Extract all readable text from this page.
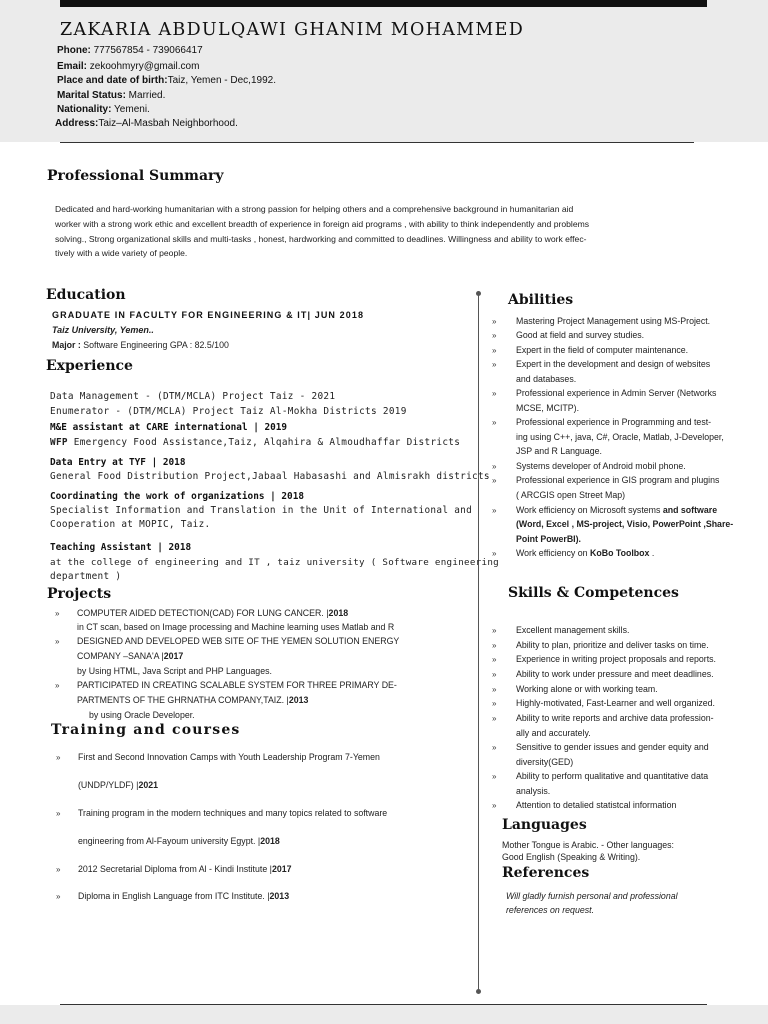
ZAKARIA ABDULQAWI GHANIM MOHAMMED
Phone: 777567854 - 739066417
Email: zekoohmyry@gmail.com
Place and date of birth:Taiz, Yemen - Dec,1992.
Marital Status: Married.
Nationality: Yemeni.
Address:Taiz–Al-Masbah Neighborhood.
Professional Summary
Dedicated and hard-working humanitarian with a strong passion for helping others and a comprehensive background in humanitarian aid
worker with a strong work ethic and excellent breadth of experience in foreign aid programs , with ability to think independently and problems
solving., Strong organizational skills and multi-tasks , honest, hardworking and committed to deadlines. Willingness and ability to work effec-
tively with a wide variety of people.
Education
GRADUATE IN FACULTY FOR ENGINEERING & IT| JUN 2018
Taiz University, Yemen..
Major : Software Engineering GPA : 82.5/100
Experience
Data Management - (DTM/MCLA) Project Taiz - 2021
Enumerator - (DTM/MCLA) Project Taiz Al-Mokha Districts 2019
M&E assistant at CARE international | 2019
WFP Emergency Food Assistance,Taiz, Alqahira & Almoudhaffar Districts
Data Entry at TYF | 2018
General Food Distribution Project,Jabaal Habasashi and Almisrakh districts
Coordinating the work of organizations | 2018
Specialist Information and Translation in the Unit of International and
Cooperation at MOPIC, Taiz.
Teaching Assistant | 2018
at the college of engineering and IT , taiz university ( Software engineering
department )
Projects
» COMPUTER AIDED DETECTION(CAD) FOR LUNG CANCER. |2018
in CT scan, based on Image processing and Machine learning uses Matlab and R
» DESIGNED AND DEVELOPED WEB SITE OF THE YEMEN SOLUTION ENERGY
COMPANY –SANA'A |2017
by Using HTML, Java Script and PHP Languages.
» PARTICIPATED IN CREATING SCALABLE SYSTEM FOR THREE PRIMARY DE-
PARTMENTS OF THE GHRNATHA COMPANY,TAIZ. |2013
by using Oracle Developer.
Training and courses
» First and Second Innovation Camps with Youth Leadership Program 7-Yemen
(UNDP/YLDF) |2021
» Training program in the modern techniques and many topics related to software
engineering from Al-Fayoum university Egypt. |2018
» 2012 Secretarial Diploma from Al - Kindi Institute |2017
» Diploma in English Language from ITC Institute. |2013
Abilities
» Mastering Project Management using MS-Project.
» Good at field and survey studies.
» Expert in the field of computer maintenance.
» Expert in the development and design of websites
and databases.
» Professional experience in Admin Server (Networks
MCSE, MCITP).
» Professional experience in Programming and test-
ing using C++, java, C#, Oracle, Matlab, J-Developer,
JSP and R Language.
» Systems developer of Android mobil phone.
» Professional experience in GIS program and plugins
( ARCGIS open Street Map)
» Work efficiency on Microsoft systems and software
(Word, Excel , MS-project, Visio, PowerPoint ,Share-
Point PowerBI).
» Work efficiency on KoBo Toolbox .
Skills & Competences
» Excellent management skills.
» Ability to plan, prioritize and deliver tasks on time.
» Experience in writing project proposals and reports.
» Ability to work under pressure and meet deadlines.
» Working alone or with working team.
» Highly-motivated, Fast-Learner and well organized.
» Ability to write reports and archive data profession-
ally and accurately.
» Sensitive to gender issues and gender equity and
diversity(GED)
» Ability to perform qualitative and quantitative data
analysis.
» Attention to detalied statistcal information
Languages
Mother Tongue is Arabic. - Other languages:
Good English (Speaking & Writing).
References
Will gladly furnish personal and professional
references on request.
